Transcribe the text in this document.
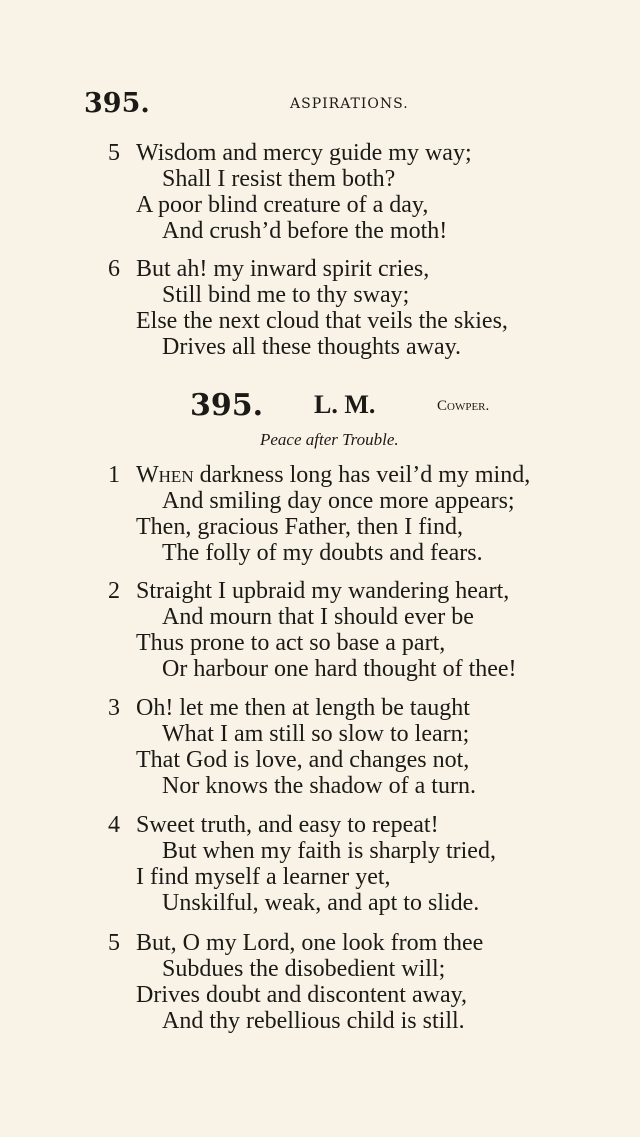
395.	ASPIRATIONS.
5 Wisdom and mercy guide my way;
Shall I resist them both?
A poor blind creature of a day,
And crush’d before the moth!
6 But ah! my inward spirit cries,
Still bind me to thy sway;
Else the next cloud that veils the skies,
Drives all these thoughts away.
395. L. M.	Cowper.
Peace after Trouble.
1 When darkness long has veil’d my mind,
And smiling day once more appears;
Then, gracious Father, then I find,
The folly of my doubts and fears.
2 Straight I upbraid my wandering heart,
And mourn that I should ever be
Thus prone to act so base a part,
Or harbour one hard thought of thee!
3 Oh! let me then at length be taught
What I am still so slow to learn;
That God is love, and changes not,
Nor knows the shadow of a turn.
4 Sweet truth, and easy to repeat!
But when my faith is sharply tried,
I find myself a learner yet,
Unskilful, weak, and apt to slide.
5 But, O my Lord, one look from thee
Subdues the disobedient will;
Drives doubt and discontent away,
And thy rebellious child is still.
